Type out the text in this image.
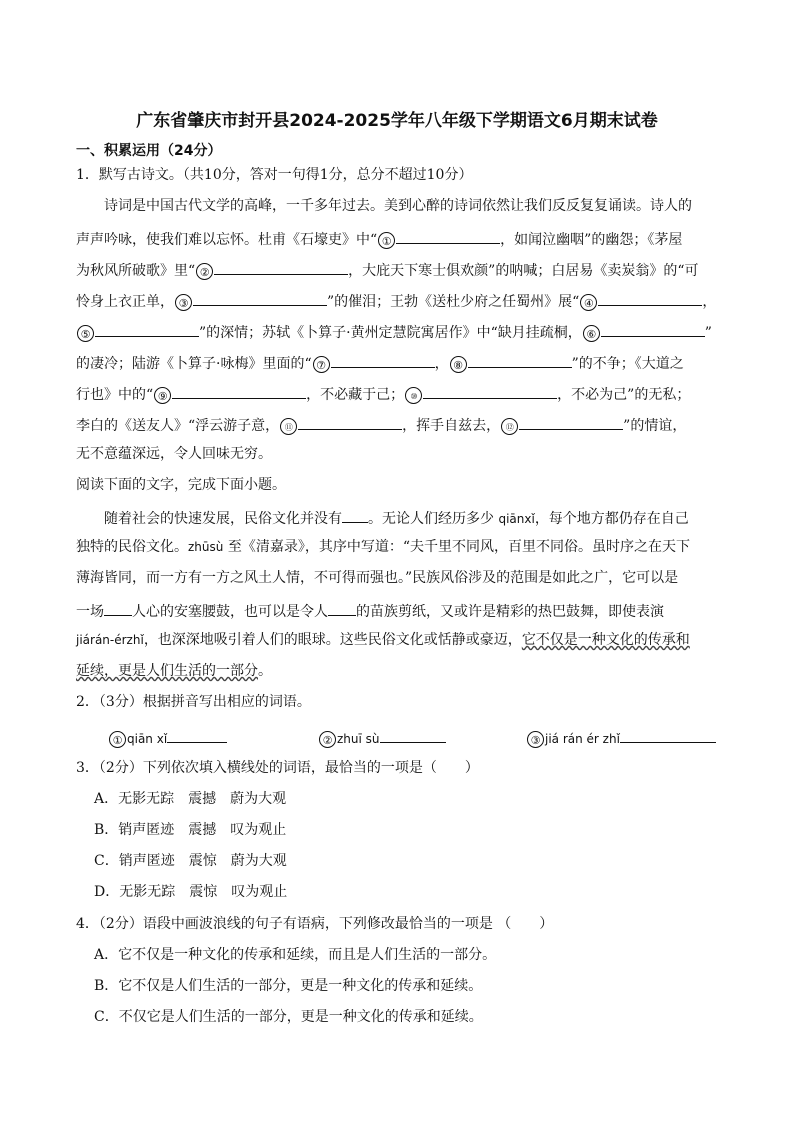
广东省肇庆市封开县2024-2025学年八年级下学期语文6月期末试卷
一、积累运用（24分）
1．默写古诗文。（共10分，答对一句得1分，总分不超过10分）
诗词是中国古代文学的高峰，一千多年过去。美到心醉的诗词依然让我们反反复复诵读。诗人的
声声吟咏，使我们难以忘怀。杜甫《石壕吏》中“ ①	，如闻泣幽咽”的幽怨；《茅屋
为秋风所破歌》里“ ②	，大庇天下寒士俱欢颜”的呐喊；白居易《卖炭翁》的“可
怜身上衣正单， ③	”的催泪；王勃《送杜少府之任蜀州》展“ ④	，
⑤	”的深情；苏轼《卜算子·黄州定慧院寓居作》中“缺月挂疏桐， ⑥	”
的凄冷；陆游《卜算子·咏梅》里面的“ ⑦	， ⑧	”的不争；《大道之
行也》中的“ ⑨	，不必藏于己； ⑩	，不必为己”的无私；
李白的《送友人》“浮云游子意， ⑪	，挥手自兹去， ⑫	”的情谊，
无不意蕴深远，令人回味无穷。
阅读下面的文字，完成下面小题。
随着社会的快速发展，民俗文化并没有 。无论人们经历多少 qiānxǐ，每个地方都仍存在自己
独特的民俗文化。zhūsù 至《清嘉录》，其序中写道：“夫千里不同风，百里不同俗。虽时序之在天下
薄海皆同，而一方有一方之风土人情，不可得而强也。”民族风俗涉及的范围是如此之广，它可以是
一场 人心的安塞腰鼓，也可以是令人 的苗族剪纸，又或许是精彩的热巴鼓舞，即使表演
jiárán-érzhǐ，也深深地吸引着人们的眼球。这些民俗文化或恬静或豪迈，它不仅是一种文化的传承和
延续，更是人们生活的一部分。
2．（3分）根据拼音写出相应的词语。
① qiān xǐ	② zhuī sù	③ jiá rán ér zhǐ
3．（2分）下列依次填入横线处的词语，最恰当的一项是（　　）
A．无影无踪　震撼　蔚为大观
B．销声匿迹　震撼　叹为观止
C．销声匿迹　震惊　蔚为大观
D．无影无踪　震惊　叹为观止
4．（2分）语段中画波浪线的句子有语病，下列修改最恰当的一项是 （　　）
A．它不仅是一种文化的传承和延续，而且是人们生活的一部分。
B．它不仅是人们生活的一部分，更是一种文化的传承和延续。
C．不仅它是人们生活的一部分，更是一种文化的传承和延续。
